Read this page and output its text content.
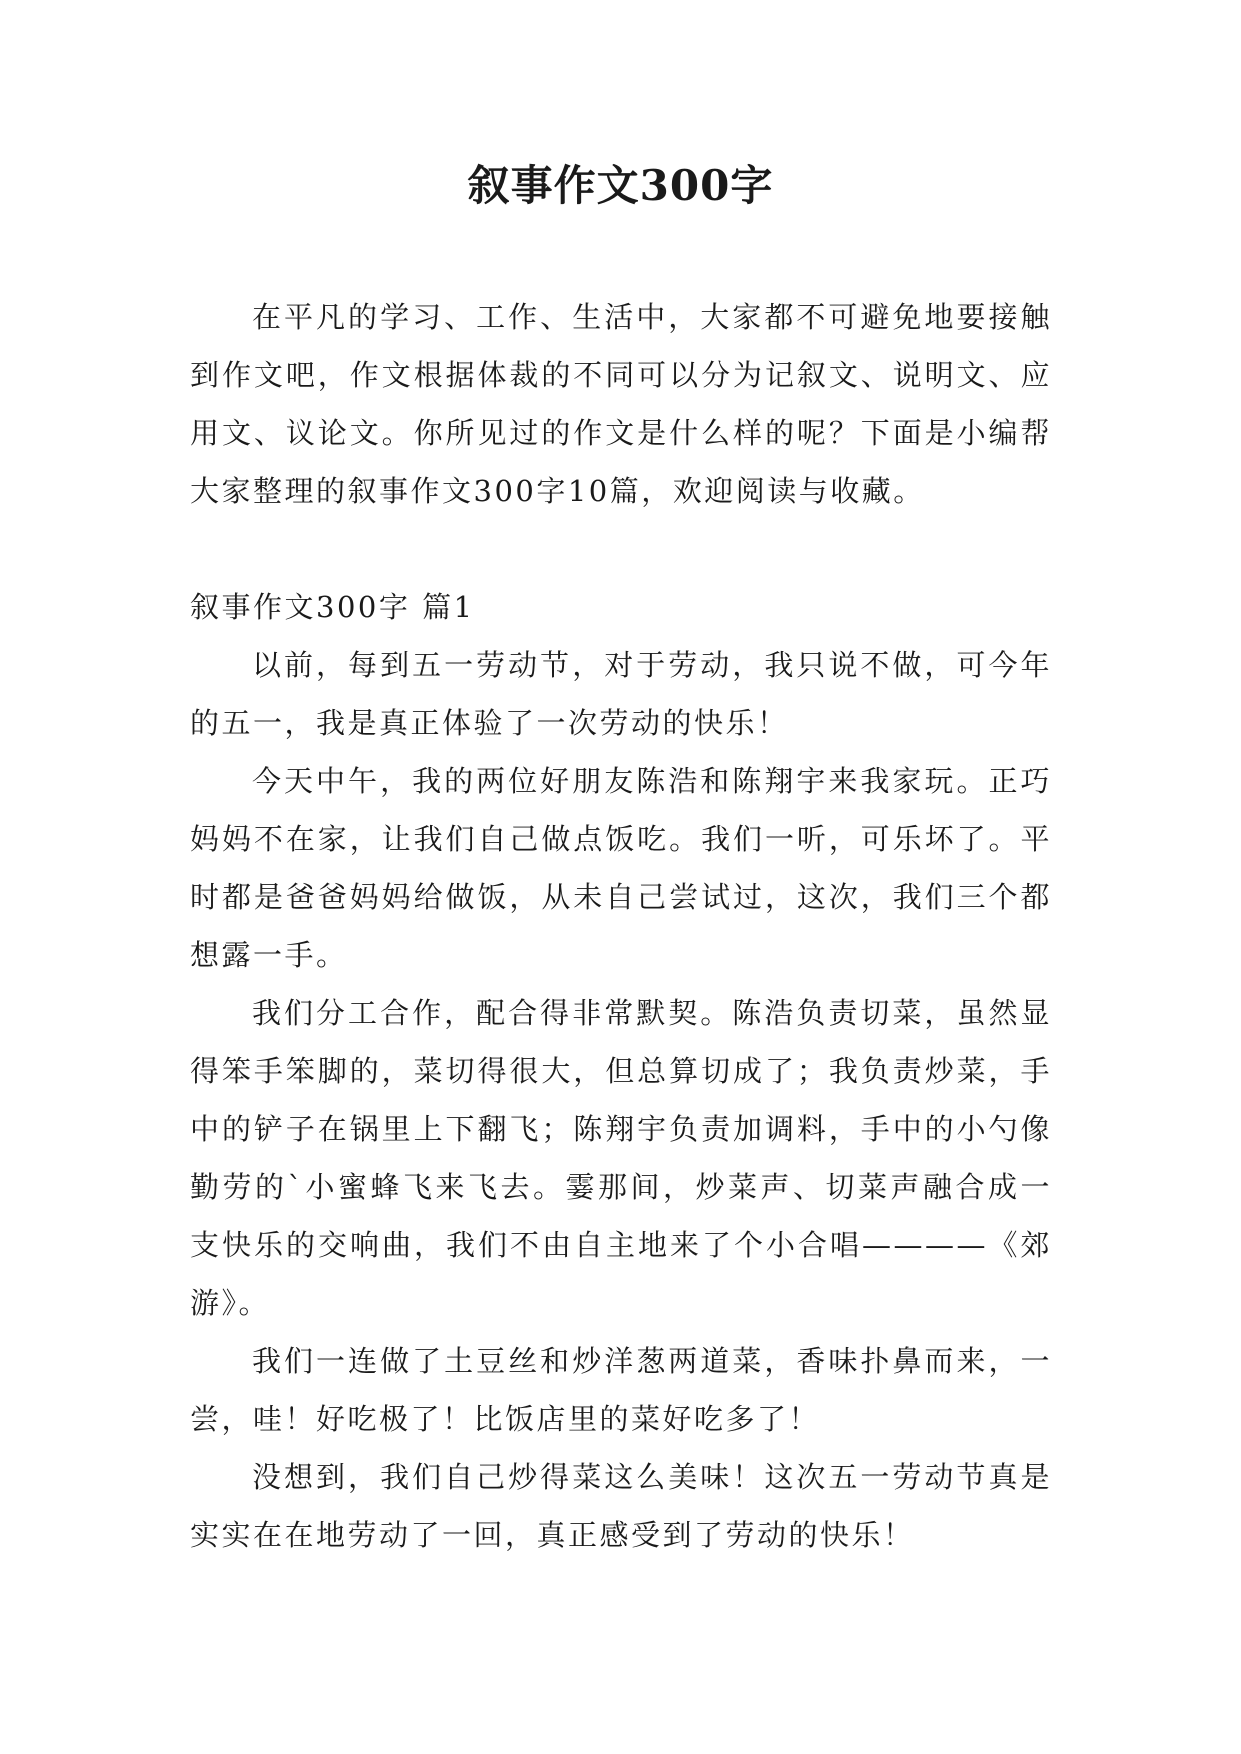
叙事作文300字

在平凡的学习、工作、生活中，大家都不可避免地要接触到作文吧，作文根据体裁的不同可以分为记叙文、说明文、应用文、议论文。你所见过的作文是什么样的呢？下面是小编帮大家整理的叙事作文300字10篇，欢迎阅读与收藏。

叙事作文300字 篇1

以前，每到五一劳动节，对于劳动，我只说不做，可今年的五一，我是真正体验了一次劳动的快乐！

今天中午，我的两位好朋友陈浩和陈翔宇来我家玩。正巧妈妈不在家，让我们自己做点饭吃。我们一听，可乐坏了。平时都是爸爸妈妈给做饭，从未自己尝试过，这次，我们三个都想露一手。

我们分工合作，配合得非常默契。陈浩负责切菜，虽然显得笨手笨脚的，菜切得很大，但总算切成了；我负责炒菜，手中的铲子在锅里上下翻飞；陈翔宇负责加调料，手中的小勺像勤劳的`小蜜蜂飞来飞去。霎那间，炒菜声、切菜声融合成一支快乐的交响曲，我们不由自主地来了个小合唱————《郊游》。

我们一连做了土豆丝和炒洋葱两道菜，香味扑鼻而来，一尝，哇！好吃极了！比饭店里的菜好吃多了！

没想到，我们自己炒得菜这么美味！这次五一劳动节真是实实在在地劳动了一回，真正感受到了劳动的快乐！
